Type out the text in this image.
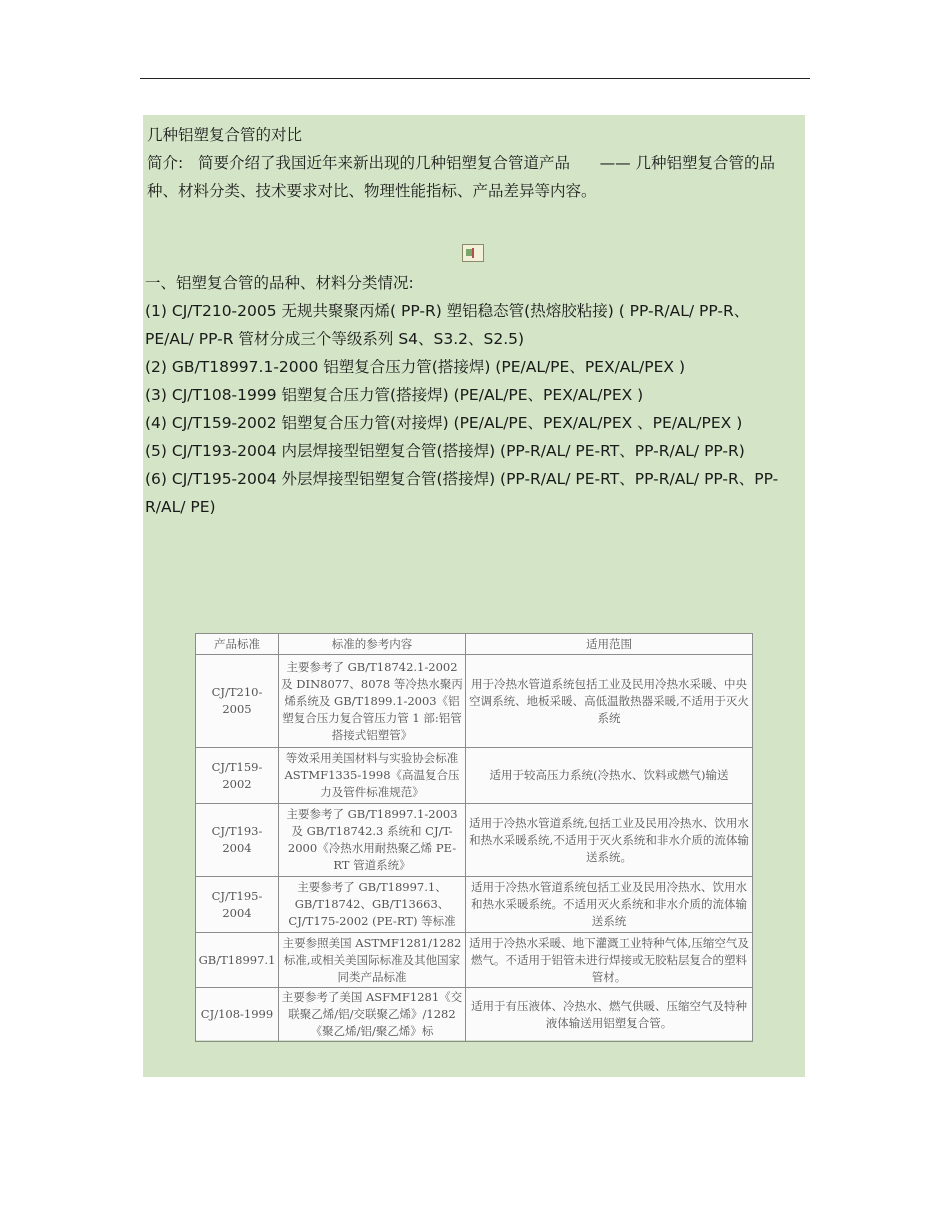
几种铝塑复合管的对比

简介:   简要介绍了我国近年来新出现的几种铝塑复合管道产品      —— 几种铝塑复合管的品种、材料分类、技术要求对比、物理性能指标、产品差异等内容。

一、铝塑复合管的品种、材料分类情况:

(1) CJ/T210-2005 无规共聚聚丙烯( PP-R) 塑铝稳态管(热熔胶粘接) ( PP-R/AL/ PP-R、PE/AL/ PP-R 管材分成三个等级系列 S4、S3.2、S2.5)

(2) GB/T18997.1-2000 铝塑复合压力管(搭接焊) (PE/AL/PE、PEX/AL/PEX )

(3) CJ/T108-1999 铝塑复合压力管(搭接焊) (PE/AL/PE、PEX/AL/PEX )

(4) CJ/T159-2002 铝塑复合压力管(对接焊) (PE/AL/PE、PEX/AL/PEX 、PE/AL/PEX )

(5) CJ/T193-2004 内层焊接型铝塑复合管(搭接焊) (PP-R/AL/ PE-RT、PP-R/AL/ PP-R)

(6) CJ/T195-2004 外层焊接型铝塑复合管(搭接焊) (PP-R/AL/ PE-RT、PP-R/AL/ PP-R、PP-R/AL/ PE)

产品标准	标准的参考内容	适用范围
CJ/T210-2005	主要参考了 GB/T18742.1-2002 及 DIN8077、8078 等冷热水聚丙烯系统及 GB/T1899.1-2003《铝塑复合压力复合管压力管 1 部:铝管搭接式铝塑管》	用于冷热水管道系统包括工业及民用冷热水采暖、中央空调系统、地板采暖、高低温散热器采暖,不适用于灭火系统
CJ/T159-2002	等效采用美国材料与实验协会标准 ASTMF1335-1998《高温复合压力及管件标准规范》	适用于较高压力系统(冷热水、饮料或燃气)输送
CJ/T193-2004	主要参考了 GB/T18997.1-2003 及 GB/T18742.3 系统和 CJ/T-2000《冷热水用耐热聚乙烯 PE-RT 管道系统》	适用于冷热水管道系统,包括工业及民用冷热水、饮用水和热水采暖系统,不适用于灭火系统和非水介质的流体输送系统。
CJ/T195-2004	主要参考了 GB/T18997.1、GB/T18742、GB/T13663、CJ/T175-2002 (PE-RT) 等标准	适用于冷热水管道系统包括工业及民用冷热水、饮用水和热水采暖系统。不适用灭火系统和非水介质的流体输送系统
GB/T18997.1	主要参照美国 ASTMF1281/1282 标准,或相关美国际标准及其他国家同类产品标准	适用于冷热水采暖、地下灌溉工业特种气体,压缩空气及燃气。不适用于铝管未进行焊接或无胶粘层复合的塑料管材。
CJ/108-1999	主要参考了美国 ASFMF1281《交联聚乙烯/铝/交联聚乙烯》/1282《聚乙烯/铝/聚乙烯》标	适用于有压液体、冷热水、燃气供暖、压缩空气及特种液体输送用铝塑复合管。
